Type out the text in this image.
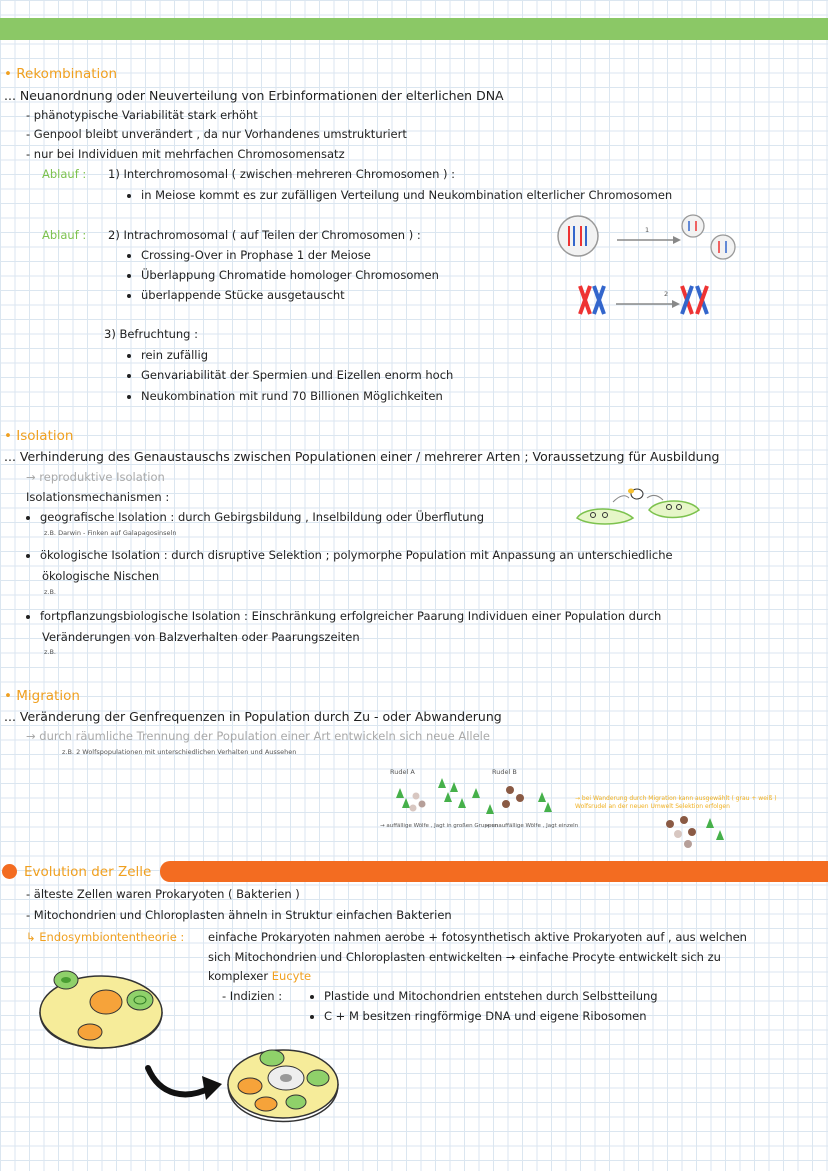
• Rekombination
... Neuanordnung oder Neuverteilung von Erbinformationen der elterlichen DNA
- phänotypische Variabilität stark erhöht
- Genpool bleibt unverändert , da nur Vorhandenes umstrukturiert
- nur bei Individuen mit mehrfachen Chromosomensatz
Ablauf : 1) Interchromosomal ( zwischen mehreren Chromosomen ) :
in Meiose kommt es zur zufälligen Verteilung und Neukombination elterlicher Chromosomen
Ablauf : 2) Intrachromosomal ( auf Teilen der Chromosomen ) :
Crossing-Over in Prophase 1 der Meiose
Überlappung Chromatide homologer Chromosomen
überlappende Stücke ausgetauscht
3) Befruchtung :
rein zufällig
Genvariabilität der Spermien und Eizellen enorm hoch
Neukombination mit rund 70 Billionen Möglichkeiten
1
2
• Isolation
... Verhinderung des Genaustauschs zwischen Populationen einer / mehrerer Arten ; Voraussetzung für Ausbildung
→ reproduktive Isolation
Isolationsmechanismen :
geografische Isolation : durch Gebirgsbildung , Inselbildung oder Überflutung
z.B. Darwin - Finken auf Galapagosinseln
ökologische Isolation : durch disruptive Selektion ; polymorphe Population mit Anpassung an unterschiedliche
ökologische Nischen
z.B.
fortpflanzungsbiologische Isolation : Einschränkung erfolgreicher Paarung Individuen einer Population durch
Veränderungen von Balzverhalten oder Paarungszeiten
z.B.
• Migration
... Veränderung der Genfrequenzen in Population durch Zu - oder Abwanderung
→ durch räumliche Trennung der Population einer Art entwickeln sich neue Allele
z.B. 2 Wolfspopulationen mit unterschiedlichen Verhalten und Aussehen
Rudel A	Rudel B
→ auffällige Wölfe , Jagt in großen Gruppen
→ unauffällige Wölfe , Jagt einzeln
→ bei Wanderung durch Migration kann ausgewählt ( grau + weiß ) Wolfsrudel an der neuen Umwelt Selektion erfolgen
Evolution der Zelle
- älteste Zellen waren Prokaryoten ( Bakterien )
- Mitochondrien und Chloroplasten ähneln in Struktur einfachen Bakterien
↳ Endosymbiontentheorie : einfache Prokaryoten nahmen aerobe + fotosynthetisch aktive Prokaryoten auf , aus welchen
sich Mitochondrien und Chloroplasten entwickelten → einfache Procyte entwickelt sich zu
komplexer Eucyte
- Indizien :	Plastide und Mitochondrien entstehen durch Selbstteilung
C + M besitzen ringförmige DNA und eigene Ribosomen
